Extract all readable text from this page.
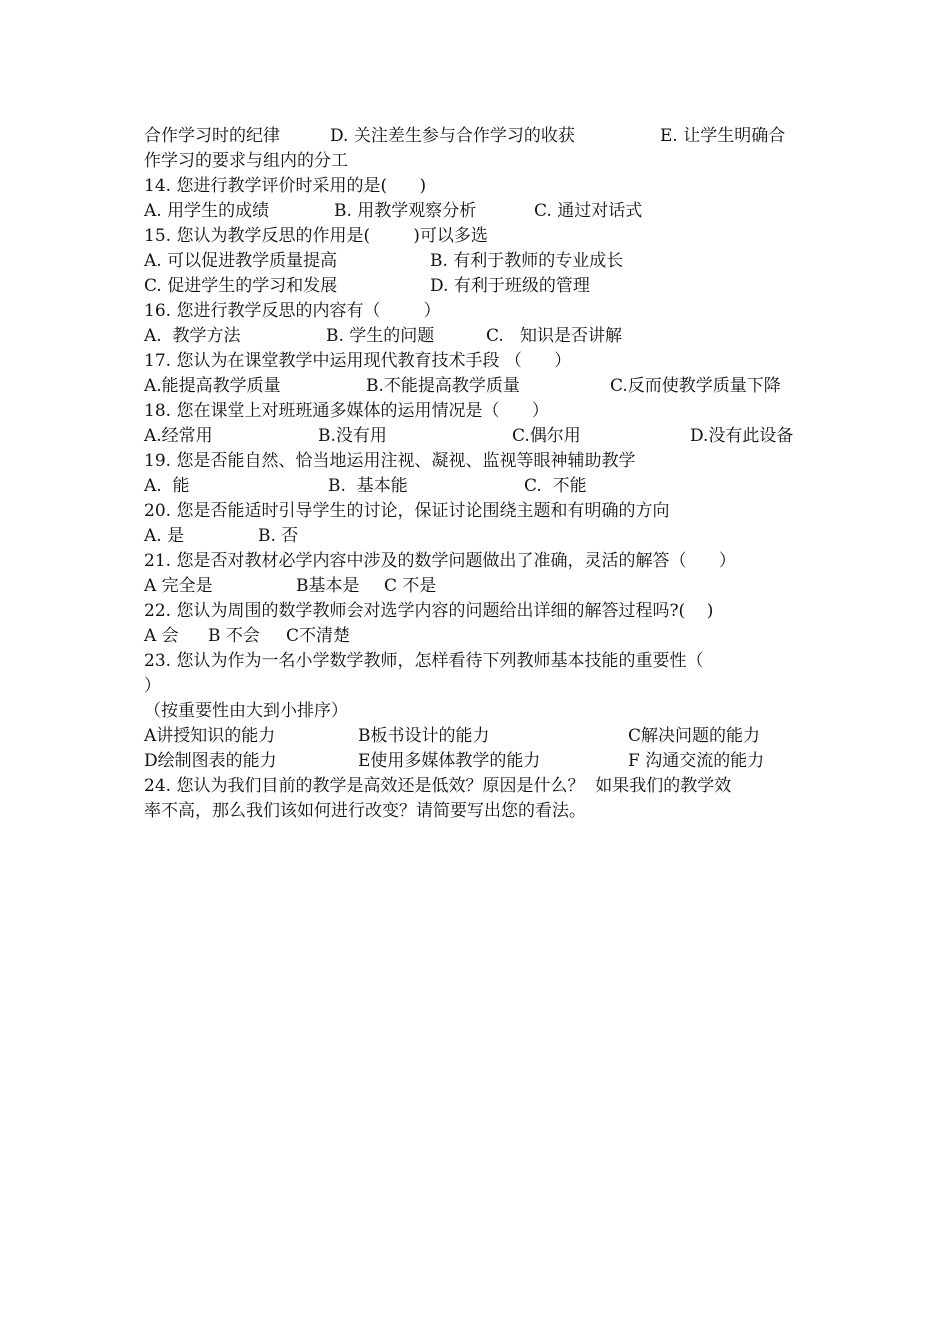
合作学习时的纪律

	D. 关注差生参与合作学习的收获

	E. 让学生明确合

作学习的要求与组内的分工

14. 您进行教学评价时采用的是(      )

A. 用学生的成绩

	B. 用教学观察分析

	C. 通过对话式

15. 您认为教学反思的作用是(        )可以多选

A. 可以促进教学质量提高

	B. 有利于教师的专业成长

C. 促进学生的学习和发展

	D. 有利于班级的管理

16. 您进行教学反思的内容有（        ）

A.  教学方法

	B. 学生的问题

	C.   知识是否讲解

17. 您认为在课堂教学中运用现代教育技术手段 （      ）

A.能提高教学质量

	B.不能提高教学质量

	C.反而使教学质量下降

18. 您在课堂上对班班通多媒体的运用情况是（      ）

A.经常用

	B.没有用

	C.偶尔用

	D.没有此设备

19. 您是否能自然、恰当地运用注视、凝视、监视等眼神辅助教学

A.  能

	B.  基本能

	C.  不能

20. 您是否能适时引导学生的讨论，保证讨论围绕主题和有明确的方向

A. 是

	B. 否

21. 您是否对教材必学内容中涉及的数学问题做出了准确，灵活的解答（      ）

A 完全是

	B基本是

C 不是

22. 您认为周围的数学教师会对选学内容的问题给出详细的解答过程吗?(    )

A 会

B 不会

C不清楚

23. 您认为作为一名小学数学教师，怎样看待下列教师基本技能的重要性（
）
（按重要性由大到小排序）

A讲授知识的能力

	B板书设计的能力

	C解决问题的能力

D绘制图表的能力

	E使用多媒体教学的能力

	F 沟通交流的能力

24. 您认为我们目前的教学是高效还是低效？原因是什么？  如果我们的教学效
率不高，那么我们该如何进行改变？请简要写出您的看法。
